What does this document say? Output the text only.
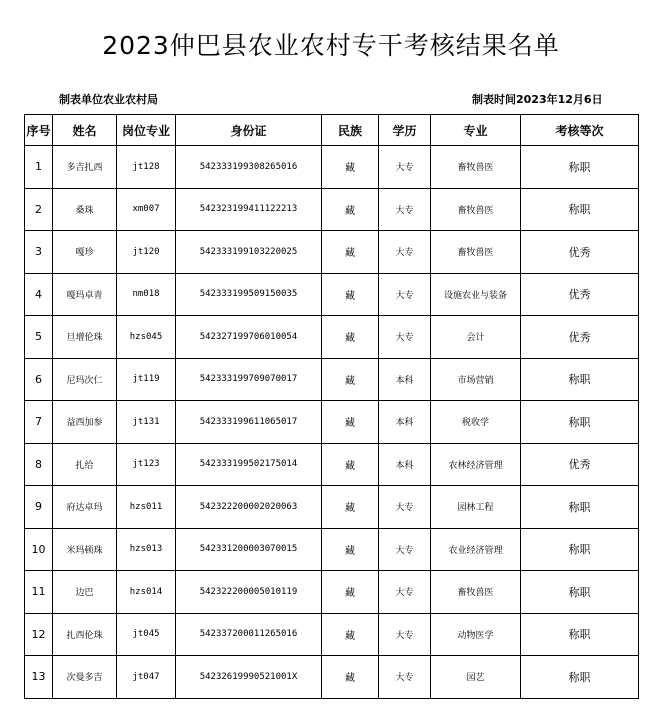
2023仲巴县农业农村专干考核结果名单
制表单位农业农村局	制表时间2023年12月6日
序号	姓名	岗位专业	身份证	民族	学历	专业	考核等次
1	多吉扎西	jt128	542333199308265016	藏	大专	畜牧兽医	称职
2	桑珠	xm007	542323199411122213	藏	大专	畜牧兽医	称职
3	嘎珍	jt120	542333199103220025	藏	大专	畜牧兽医	优秀
4	嘎玛卓青	nm018	542333199509150035	藏	大专	设施农业与装备	优秀
5	旦增伦珠	hzs045	542327199706010054	藏	大专	会计	优秀
6	尼玛次仁	jt119	542333199709070017	藏	本科	市场营销	称职
7	益西加参	jt131	542333199611065017	藏	本科	税收学	称职
8	扎给	jt123	542333199502175014	藏	本科	农林经济管理	优秀
9	府达卓玛	hzs011	542322200002020063	藏	大专	园林工程	称职
10	米玛顿珠	hzs013	542331200003070015	藏	大专	农业经济管理	称职
11	边巴	hzs014	542322200005010119	藏	大专	畜牧兽医	称职
12	扎西伦珠	jt045	542337200011265016	藏	大专	动物医学	称职
13	次曼多吉	jt047	54232619990521001X	藏	大专	园艺	称职
